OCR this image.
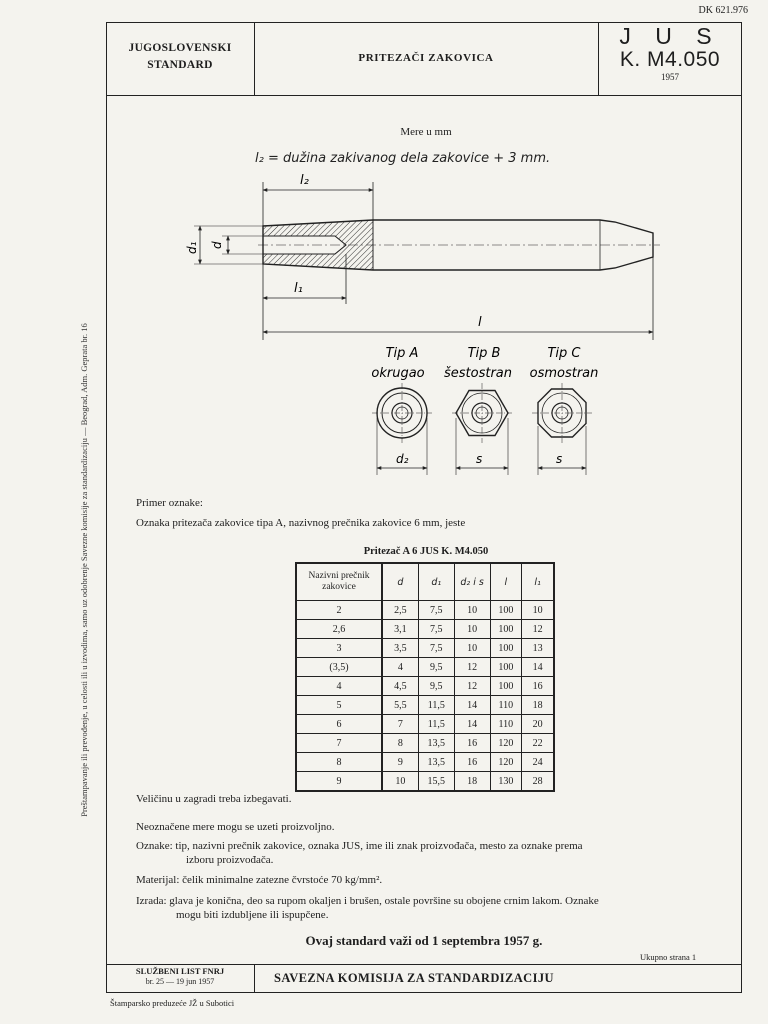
DK 621.976
JUGOSLOVENSKI
STANDARD
PRITEZAČI ZAKOVICA
J U S
K. M4.050
1957
Preštampavanje ili prevođenje, u celosti ili u izvodima, samo uz odobrenje Savezne komisije za standardizaciju — Beograd, Adm. Geprata br. 16
Mere u mm
l₂ = dužina zakivanog dela zakovice + 3 mm.
l₂
d₁ d
l₁
l
Tip A
okrugao
Tip B
šestostran
Tip C
osmostran
d₂	s	s
Primer oznake:
Oznaka pritezača zakovice tipa A, nazivnog prečnika zakovice 6 mm, jeste
Pritezač A 6 JUS K. M4.050
Nazivni prečnik zakovice	d	d₁	d₂ i s	l	l₁
2	2,5	7,5	10	100	10
2,6	3,1	7,5	10	100	12
3	3,5	7,5	10	100	13
(3,5)	4	9,5	12	100	14
4	4,5	9,5	12	100	16
5	5,5	11,5	14	110	18
6	7	11,5	14	110	20
7	8	13,5	16	120	22
8	9	13,5	16	120	24
9	10	15,5	18	130	28
Veličinu u zagradi treba izbegavati.
Neoznačene mere mogu se uzeti proizvoljno.
Oznake: tip, nazivni prečnik zakovice, oznaka JUS, ime ili znak proizvođača, mesto za oznake prema
izboru proizvođača.
Materijal: čelik minimalne zatezne čvrstoće 70 kg/mm².
Izrada: glava je konična, deo sa rupom okaljen i brušen, ostale površine su obojene crnim lakom. Oznake
mogu biti izdubljene ili ispupčene.
Ovaj standard važi od 1 septembra 1957 g.
Ukupno strana 1
SLUŽBENI LIST FNRJ
br. 25 — 19 jun 1957	SAVEZNA KOMISIJA ZA STANDARDIZACIJU
Štamparsko preduzeće JŽ u Subotici
